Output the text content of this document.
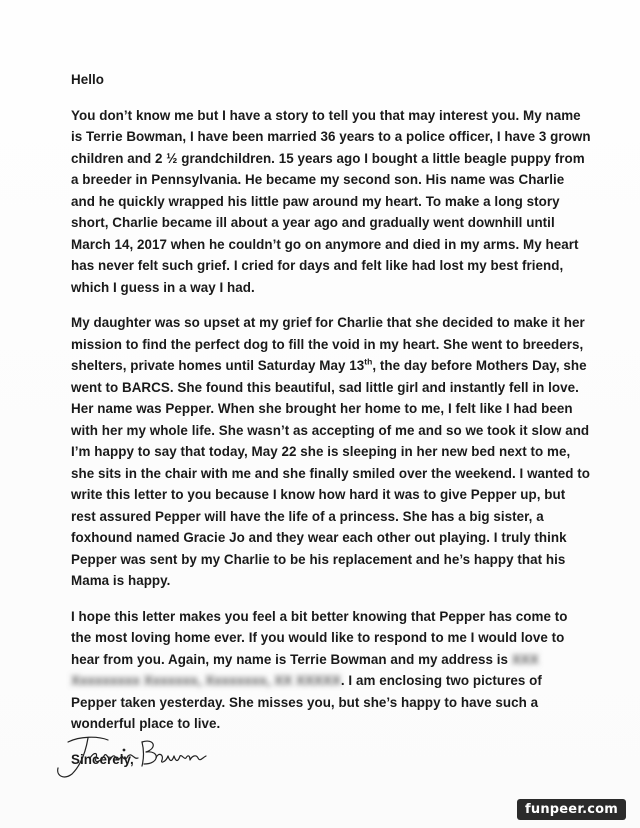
Hello

You don’t know me but I have a story to tell you that may interest you. My name is Terrie Bowman, I have been married 36 years to a police officer, I have 3 grown children and 2 ½ grandchildren. 15 years ago I bought a little beagle puppy from a breeder in Pennsylvania. He became my second son. His name was Charlie and he quickly wrapped his little paw around my heart. To make a long story short, Charlie became ill about a year ago and gradually went downhill until March 14, 2017 when he couldn’t go on anymore and died in my arms. My heart has never felt such grief. I cried for days and felt like had lost my best friend, which I guess in a way I had.

My daughter was so upset at my grief for Charlie that she decided to make it her mission to find the perfect dog to fill the void in my heart. She went to breeders, shelters, private homes until Saturday May 13th, the day before Mothers Day, she went to BARCS. She found this beautiful, sad little girl and instantly fell in love. Her name was Pepper. When she brought her home to me, I felt like I had been with her my whole life. She wasn’t as accepting of me and so we took it slow and I’m happy to say that today, May 22 she is sleeping in her new bed next to me, she sits in the chair with me and she finally smiled over the weekend. I wanted to write this letter to you because I know how hard it was to give Pepper up, but rest assured Pepper will have the life of a princess. She has a big sister, a foxhound named Gracie Jo and they wear each other out playing. I truly think Pepper was sent by my Charlie to be his replacement and he’s happy that his Mama is happy.

I hope this letter makes you feel a bit better knowing that Pepper has come to the most loving home ever. If you would like to respond to me I would love to hear from you. Again, my name is Terrie Bowman and my address is XXX Xxxxxxxxx Xxxxxxx, Xxxxxxxx, XX XXXXX. I am enclosing two pictures of Pepper taken yesterday. She misses you, but she’s happy to have such a wonderful place to live.

Sincerely,

funpeer.com
